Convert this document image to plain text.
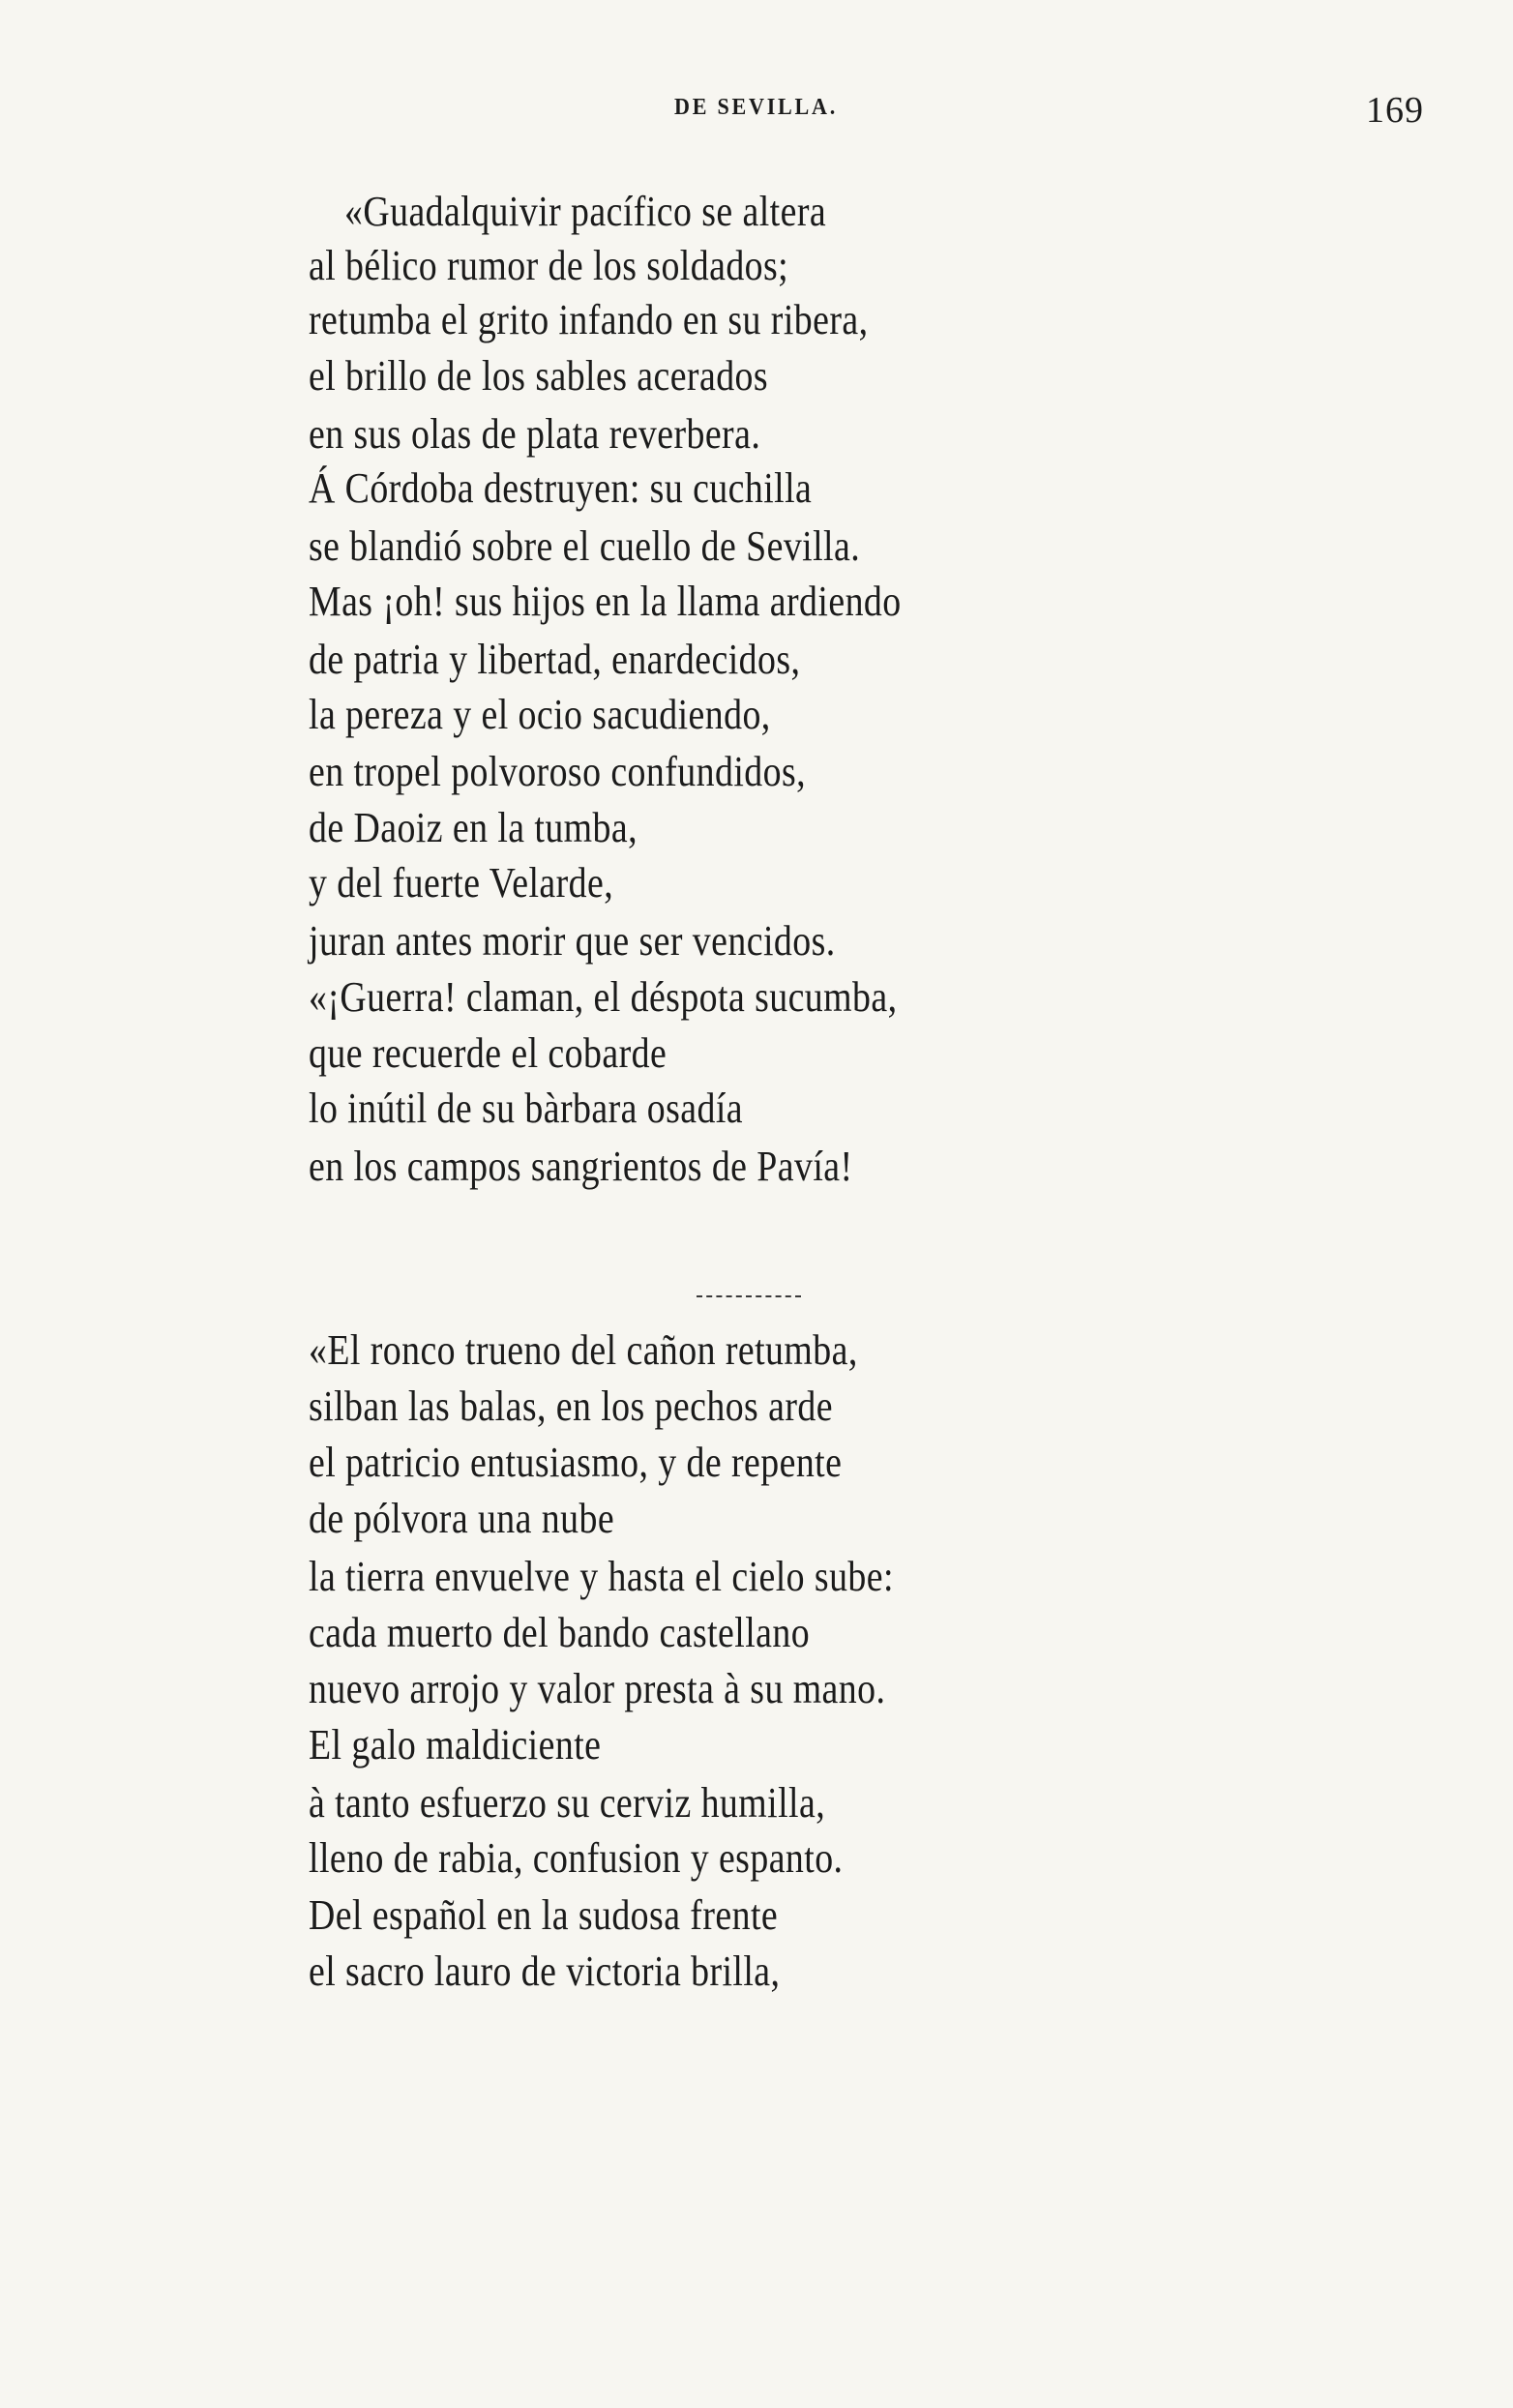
DE SEVILLA.	169
«Guadalquivir pacífico se altera
al bélico rumor de los soldados;
retumba el grito infando en su ribera,
el brillo de los sables acerados
en sus olas de plata reverbera.
Á Córdoba destruyen: su cuchilla
se blandió sobre el cuello de Sevilla.
Mas ¡oh! sus hijos en la llama ardiendo
de patria y libertad, enardecidos,
la pereza y el ocio sacudiendo,
en tropel polvoroso confundidos,
de Daoiz en la tumba,
y del fuerte Velarde,
juran antes morir que ser vencidos.
«¡Guerra! claman, el déspota sucumba,
que recuerde el cobarde
lo inútil de su bàrbara osadía
en los campos sangrientos de Pavía!
«El ronco trueno del cañon retumba,
silban las balas, en los pechos arde
el patricio entusiasmo, y de repente
de pólvora una nube
la tierra envuelve y hasta el cielo sube:
cada muerto del bando castellano
nuevo arrojo y valor presta à su mano.
El galo maldiciente
à tanto esfuerzo su cerviz humilla,
lleno de rabia, confusion y espanto.
Del español en la sudosa frente
el sacro lauro de victoria brilla,
